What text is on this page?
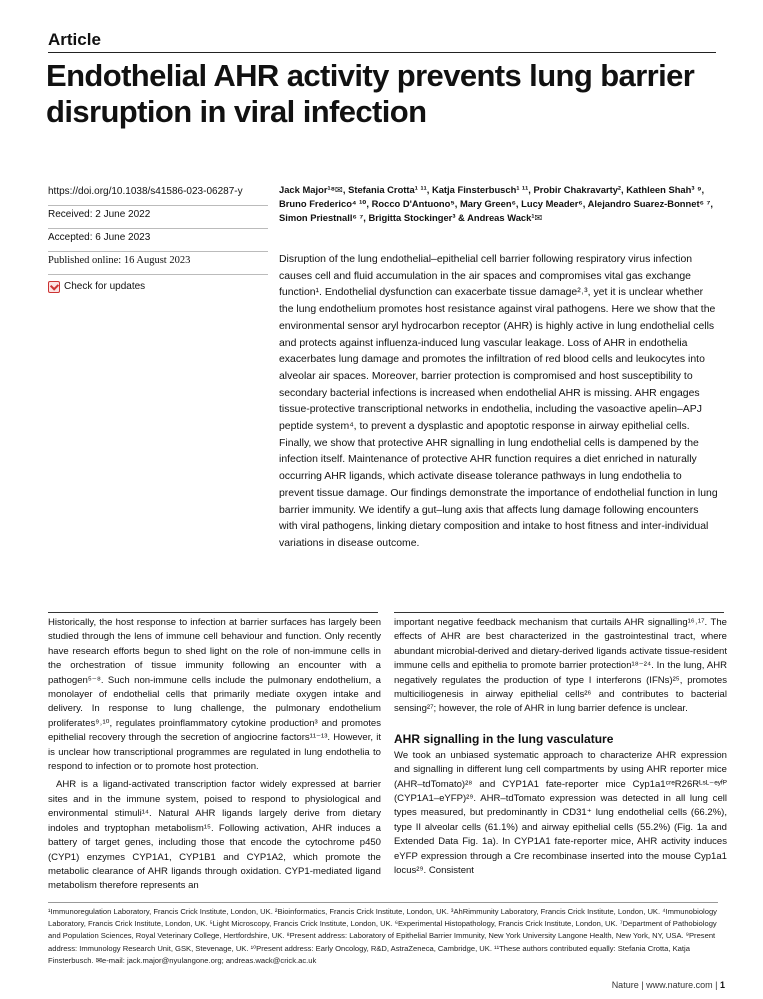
Article
Endothelial AHR activity prevents lung barrier disruption in viral infection
https://doi.org/10.1038/s41586-023-06287-y
Received: 2 June 2022
Accepted: 6 June 2023
Published online: 16 August 2023
Check for updates
Jack Major¹⁸✉, Stefania Crotta¹ ¹¹, Katja Finsterbusch¹ ¹¹, Probir Chakravarty², Kathleen Shah³ ⁹, Bruno Frederico⁴ ¹⁰, Rocco D'Antuono⁵, Mary Green⁶, Lucy Meader⁶, Alejandro Suarez-Bonnet⁶ ⁷, Simon Priestnall⁶ ⁷, Brigitta Stockinger³ & Andreas Wack¹✉

Disruption of the lung endothelial–epithelial cell barrier following respiratory virus infection causes cell and fluid accumulation in the air spaces and compromises vital gas exchange function¹. Endothelial dysfunction can exacerbate tissue damage²˒³, yet it is unclear whether the lung endothelium promotes host resistance against viral pathogens. Here we show that the environmental sensor aryl hydrocarbon receptor (AHR) is highly active in lung endothelial cells and protects against influenza-induced lung vascular leakage. Loss of AHR in endothelia exacerbates lung damage and promotes the infiltration of red blood cells and leukocytes into alveolar air spaces. Moreover, barrier protection is compromised and host susceptibility to secondary bacterial infections is increased when endothelial AHR is missing. AHR engages tissue-protective transcriptional networks in endothelia, including the vasoactive apelin–APJ peptide system⁴, to prevent a dysplastic and apoptotic response in airway epithelial cells. Finally, we show that protective AHR signalling in lung endothelial cells is dampened by the infection itself. Maintenance of protective AHR function requires a diet enriched in naturally occurring AHR ligands, which activate disease tolerance pathways in lung endothelia to prevent tissue damage. Our findings demonstrate the importance of endothelial function in lung barrier immunity. We identify a gut–lung axis that affects lung damage following encounters with viral pathogens, linking dietary composition and intake to host fitness and inter-individual variations in disease outcome.

Historically, the host response to infection at barrier surfaces has largely been studied through the lens of immune cell behaviour and function. Only recently have research efforts begun to shed light on the role of non-immune cells in the orchestration of tissue immunity following an encounter with a pathogen⁵⁻⁸. Such non-immune cells include the pulmonary endothelium, a monolayer of endothelial cells that primarily mediate oxygen intake and delivery. In response to lung challenge, the pulmonary endothelium proliferates⁹˒¹⁰, regulates proinflammatory cytokine production³ and promotes epithelial recovery through the secretion of angiocrine factors¹¹⁻¹³. However, it is unclear how transcriptional programmes are regulated in lung endothelia to respond to infection or to promote host protection.

AHR is a ligand-activated transcription factor widely expressed at barrier sites and in the immune system, poised to respond to physiological and environmental stimuli¹⁴. Natural AHR ligands largely derive from dietary indoles and tryptophan metabolism¹⁵. Following activation, AHR induces a battery of target genes, including those that encode the cytochrome p450 (CYP1) enzymes CYP1A1, CYP1B1 and CYP1A2, which promote the metabolic clearance of AHR ligands through oxidation. CYP1-mediated ligand metabolism therefore represents an

important negative feedback mechanism that curtails AHR signalling¹⁶˒¹⁷. The effects of AHR are best characterized in the gastrointestinal tract, where abundant microbial-derived and dietary-derived ligands activate tissue-resident immune cells and epithelia to promote barrier protection¹⁸⁻²⁴. In the lung, AHR negatively regulates the production of type I interferons (IFNs)²⁵, promotes multiciliogenesis in airway epithelial cells²⁶ and contributes to bacterial sensing²⁷; however, the role of AHR in lung barrier defence is unclear.

AHR signalling in the lung vasculature

We took an unbiased systematic approach to characterize AHR expression and signalling in different lung cell compartments by using AHR reporter mice (AHR–tdTomato)²⁸ and CYP1A1 fate-reporter mice Cyp1a1ᶜʳᵉR26Rᴸˢᴸ⁻ᵉʸᶠᴾ (CYP1A1–eYFP)²⁹. AHR–tdTomato expression was detected in all lung cell types measured, but predominantly in CD31⁺ lung endothelial cells (66.2%), type II alveolar cells (61.1%) and airway epithelial cells (55.2%) (Fig. 1a and Extended Data Fig. 1a). In CYP1A1 fate-reporter mice, AHR activity induces eYFP expression through a Cre recombinase inserted into the mouse Cyp1a1 locus²⁹. Consistent

¹Immunoregulation Laboratory, Francis Crick Institute, London, UK. ²Bioinformatics, Francis Crick Institute, London, UK. ³AhRimmunity Laboratory, Francis Crick Institute, London, UK. ⁴Immunobiology Laboratory, Francis Crick Institute, London, UK. ⁵Light Microscopy, Francis Crick Institute, London, UK. ⁶Experimental Histopathology, Francis Crick Institute, London, UK. ⁷Department of Pathobiology and Population Sciences, Royal Veterinary College, Hertfordshire, UK. ⁸Present address: Laboratory of Epithelial Barrier Immunity, New York University Langone Health, New York, NY, USA. ⁹Present address: Immunology Research Unit, GSK, Stevenage, UK. ¹⁰Present address: Early Oncology, R&D, AstraZeneca, Cambridge, UK. ¹¹These authors contributed equally: Stefania Crotta, Katja Finsterbusch. ✉e-mail: jack.major@nyulangone.org; andreas.wack@crick.ac.uk
Nature | www.nature.com | 1
